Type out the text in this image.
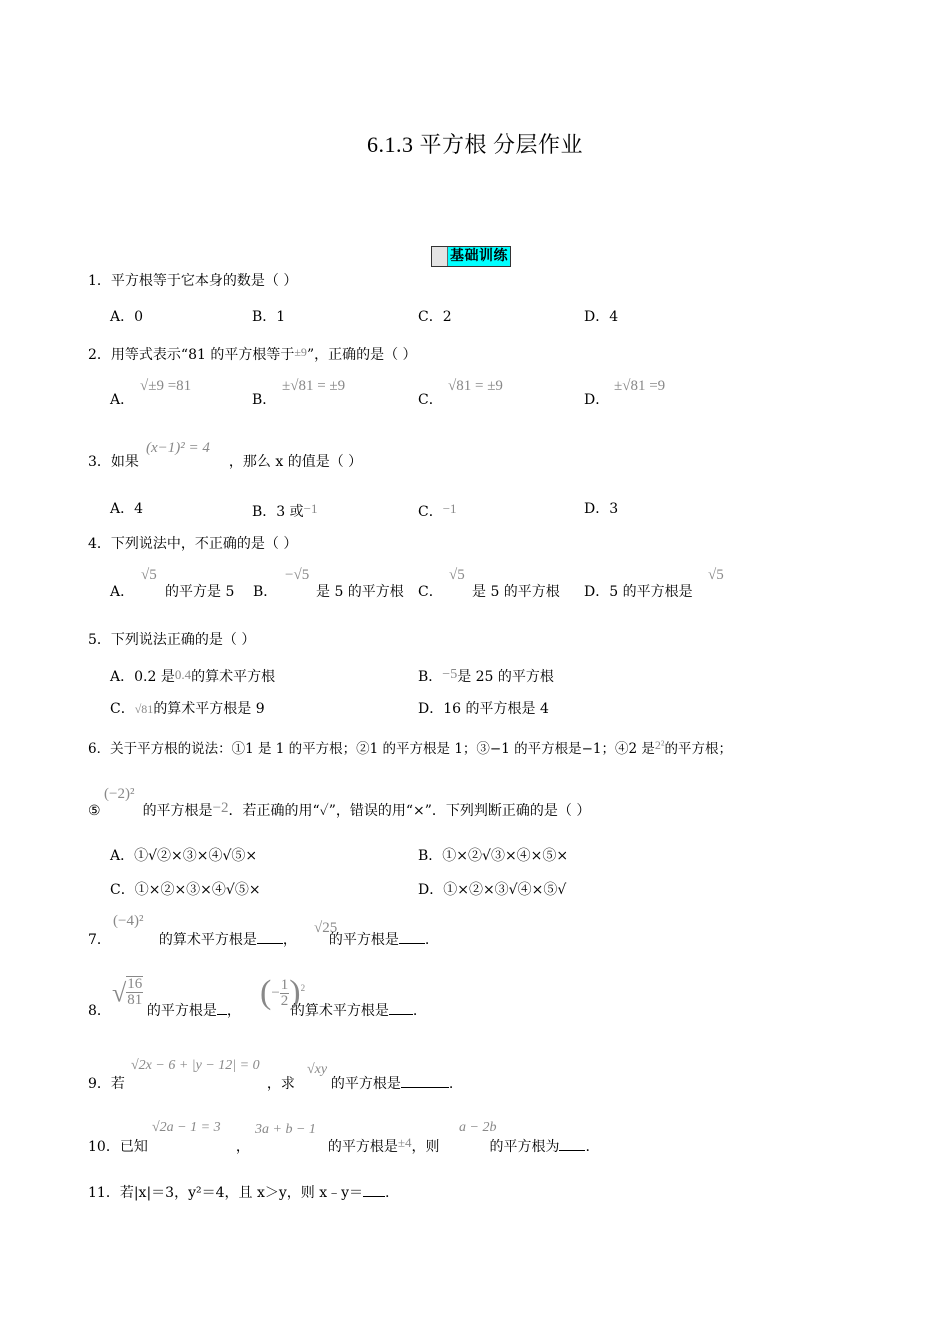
6.1.3 平方根 分层作业
基础训练
1．平方根等于它本身的数是（ ）
A．0	B．1	C．2	D．4
2．用等式表示“81 的平方根等于±9”，正确的是（ ）
A．
√±9 =81
B．
±√81 = ±9
C．
√81 = ±9
D．
±√81 =9
3．如果	，那么 x 的值是（ ）
(x−1)² = 4
A．4	B．3 或−1	C．−1	D．3
4．下列说法中，不正确的是（ ）
A．
√5
的平方是 5 B．
−√5
是 5 的平方根 C．
√5
是 5 的平方根 D．5 的平方根是
√5
5．下列说法正确的是（ ）
A．0.2 是0.4的算术平方根	B．−5是 25 的平方根
C．√81的算术平方根是 9	D．16 的平方根是 4
6．关于平方根的说法：①1 是 1 的平方根；②1 的平方根是 1；③−1 的平方根是−1；④2 是2²的平方根；
⑤	的平方根是−2．若正确的用“✓”，错误的用“×”．下列判断正确的是（ ）
(−2)²
A．①√②×③×④√⑤×	B．①×②√③×④×⑤×
C．①×②×③×④√⑤×	D．①×②×③√④×⑤√
7．	的算术平方根是 ， 的平方根是 .
(−4)²	√25
8．	的平方根是 ，	的算术平方根是 .
√ $\frac{16}{81}$	(− $\frac{1}{2} )^2$
9．若	，求	的平方根是	.
√2x − 6 + |y − 12| = 0	√xy
10．已知	，	的平方根是±4，则	的平方根为 .
√2a − 1 = 3 3a + b − 1	a − 2b
11．若|x|＝3，y²＝4，且 x＞y，则 x﹣y＝ .
